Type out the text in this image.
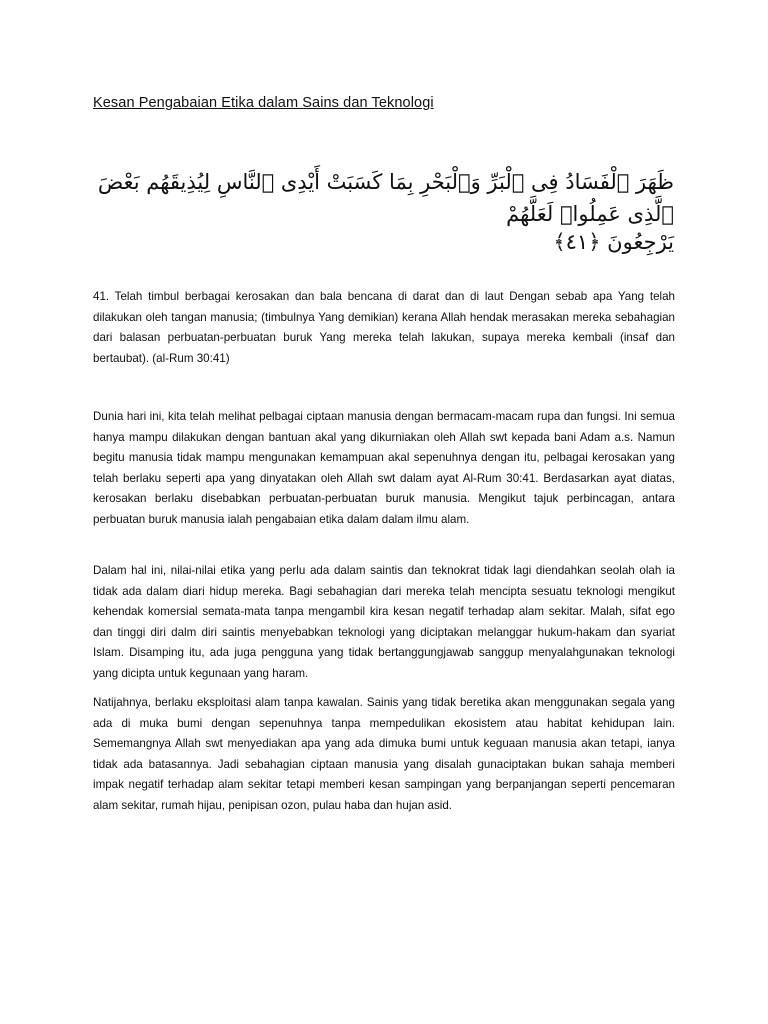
Kesan Pengabaian Etika dalam Sains dan Teknologi
ظَهَرَ ٱلْفَسَادُ فِى ٱلْبَرِّ وَٱلْبَحْرِ بِمَا كَسَبَتْ أَيْدِى ٱلنَّاسِ لِيُذِيقَهُم بَعْضَ ٱلَّذِى عَمِلُوا۟ لَعَلَّهُمْ
يَرْجِعُونَ ﴿٤١﴾

41. Telah timbul berbagai kerosakan dan bala bencana di darat dan di laut Dengan sebab apa Yang telah dilakukan oleh tangan manusia; (timbulnya Yang demikian) kerana Allah hendak merasakan mereka sebahagian dari balasan perbuatan-perbuatan buruk Yang mereka telah lakukan, supaya mereka kembali (insaf dan bertaubat). (al-Rum 30:41)

Dunia hari ini, kita telah melihat pelbagai ciptaan manusia dengan bermacam-macam rupa dan fungsi. Ini semua hanya mampu dilakukan dengan bantuan akal yang dikurniakan oleh Allah swt kepada bani Adam a.s. Namun begitu manusia tidak mampu mengunakan kemampuan akal sepenuhnya dengan itu, pelbagai kerosakan yang telah berlaku seperti apa yang dinyatakan oleh Allah swt dalam ayat Al-Rum 30:41. Berdasarkan ayat diatas, kerosakan berlaku disebabkan perbuatan-perbuatan buruk manusia. Mengikut tajuk perbincagan, antara perbuatan buruk manusia ialah pengabaian etika dalam dalam ilmu alam.

Dalam hal ini, nilai-nilai etika yang perlu ada dalam saintis dan teknokrat tidak lagi diendahkan seolah olah ia tidak ada dalam diari hidup mereka. Bagi sebahagian dari mereka telah mencipta sesuatu teknologi mengikut kehendak komersial semata-mata tanpa mengambil kira kesan negatif terhadap alam sekitar. Malah, sifat ego dan tinggi diri dalm diri saintis menyebabkan teknologi yang diciptakan melanggar hukum-hakam dan syariat Islam. Disamping itu, ada juga pengguna yang tidak bertanggungjawab sanggup menyalahgunakan teknologi yang dicipta untuk kegunaan yang haram.

Natijahnya, berlaku eksploitasi alam tanpa kawalan. Sainis yang tidak beretika akan menggunakan segala yang ada di muka bumi dengan sepenuhnya tanpa mempedulikan ekosistem atau habitat kehidupan lain. Sememangnya Allah swt menyediakan apa yang ada dimuka bumi untuk keguaan manusia akan tetapi, ianya tidak ada batasannya. Jadi sebahagian ciptaan manusia yang disalah gunaciptakan bukan sahaja memberi impak negatif terhadap alam sekitar tetapi memberi kesan sampingan yang berpanjangan seperti pencemaran alam sekitar, rumah hijau, penipisan ozon, pulau haba dan hujan asid.
